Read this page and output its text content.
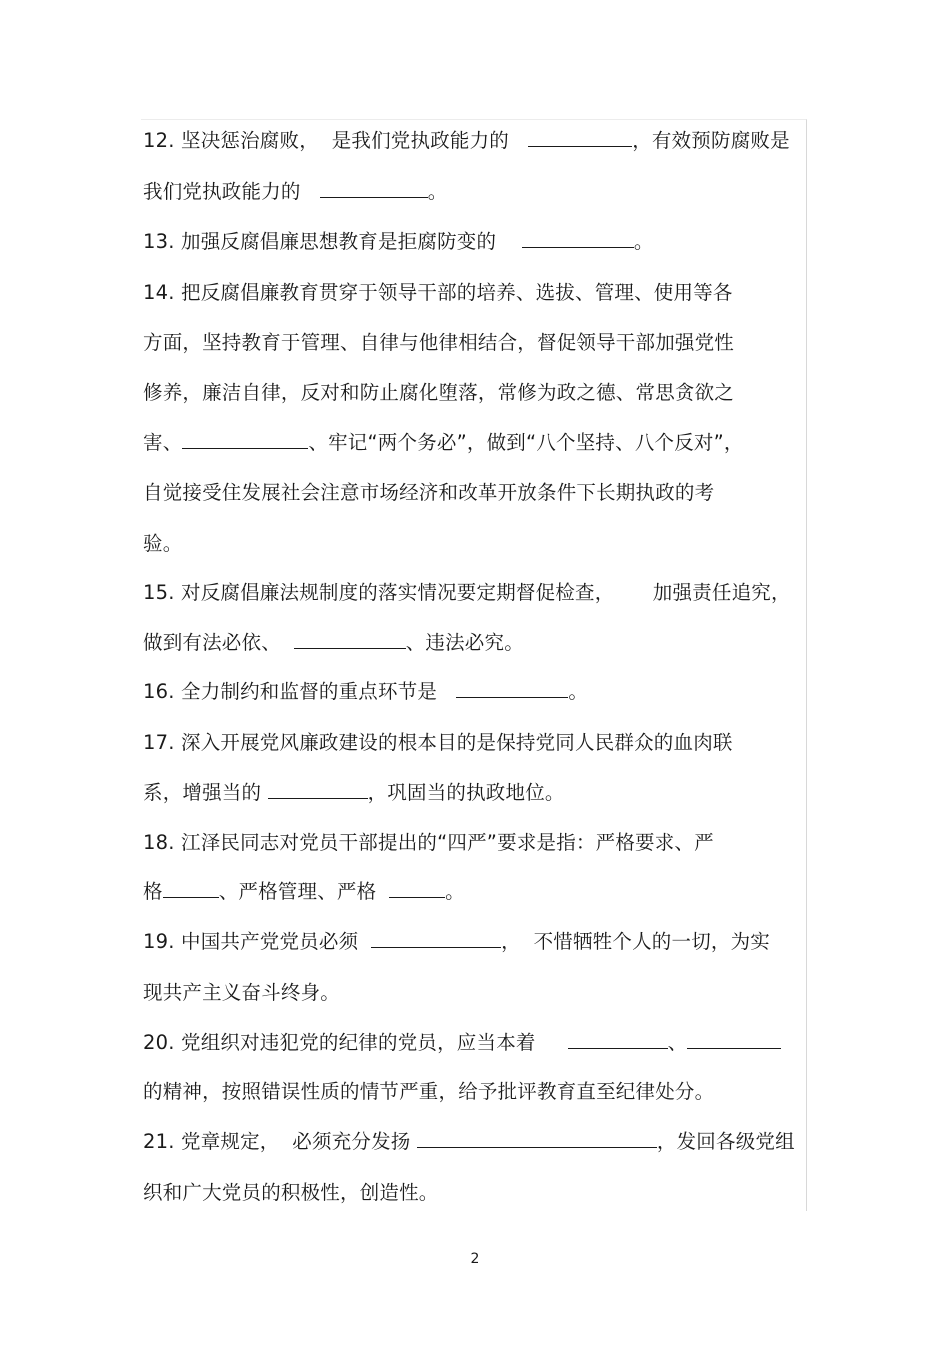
12. 坚决惩治腐败，  是我们党执政能力的	，有效预防腐败是
我们党执政能力的	。
13. 加强反腐倡廉思想教育是拒腐防变的	。
14. 把反腐倡廉教育贯穿于领导干部的培养、选拔、管理、使用等各
方面，坚持教育于管理、自律与他律相结合，督促领导干部加强党性
修养，廉洁自律，反对和防止腐化堕落，常修为政之德、常思贪欲之
害、	、牢记“两个务必”，做到“八个坚持、八个反对”，
自觉接受住发展社会注意市场经济和改革开放条件下长期执政的考
验。
15. 对反腐倡廉法规制度的落实情况要定期督促检查，      加强责任追究，
做到有法必依、	、违法必究。
16. 全力制约和监督的重点环节是	。
17. 深入开展党风廉政建设的根本目的是保持党同人民群众的血肉联
系，增强当的	，巩固当的执政地位。
18. 江泽民同志对党员干部提出的“四严”要求是指：严格要求、严
格	、严格管理、严格	。
19. 中国共产党党员必须	，  不惜牺牲个人的一切，为实
现共产主义奋斗终身。
20. 党组织对违犯党的纪律的党员，应当本着	、
的精神，按照错误性质的情节严重，给予批评教育直至纪律处分。
21. 党章规定，  必须充分发扬	，发回各级党组
织和广大党员的积极性，创造性。
2
